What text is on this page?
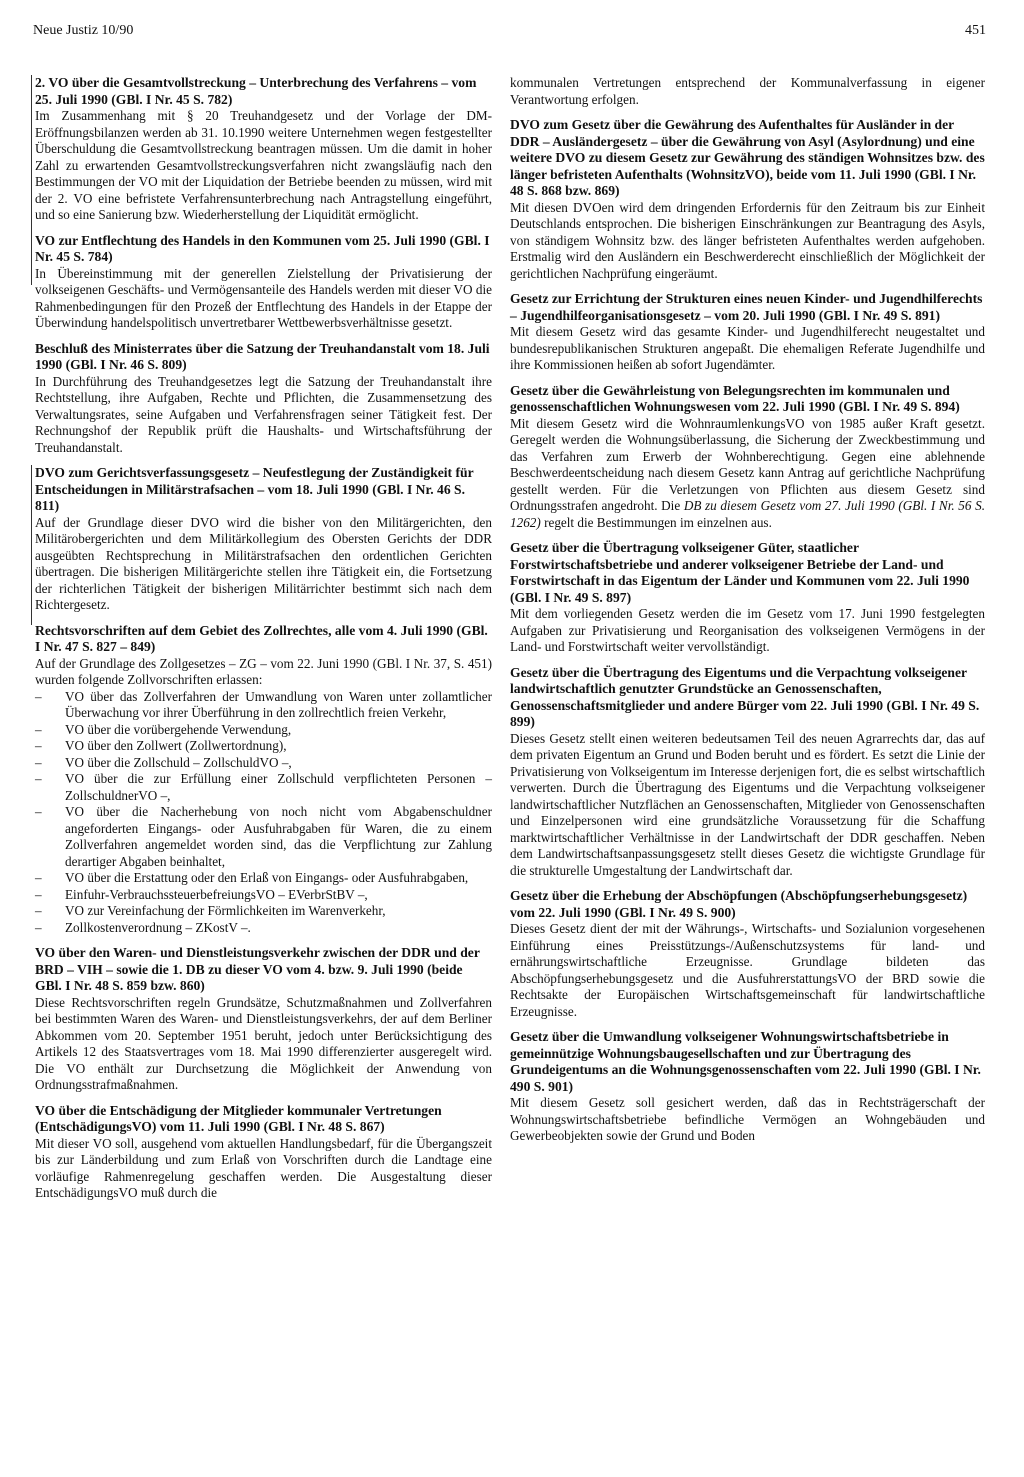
Neue Justiz 10/90	451
2. VO über die Gesamtvollstreckung – Unterbrechung des Verfahrens – vom 25. Juli 1990 (GBl. I Nr. 45 S. 782)

Im Zusammenhang mit § 20 Treuhandgesetz und der Vorlage der DM-Eröffnungsbilanzen werden ab 31. 10.1990 weitere Unternehmen wegen festgestellter Überschuldung die Gesamtvollstreckung beantragen müssen. Um die damit in hoher Zahl zu erwartenden Gesamtvollstreckungsverfahren nicht zwangsläufig nach den Bestimmungen der VO mit der Liquidation der Betriebe beenden zu müssen, wird mit der 2. VO eine befristete Verfahrensunterbrechung nach Antragstellung eingeführt, und so eine Sanierung bzw. Wiederherstellung der Liquidität ermöglicht.

VO zur Entflechtung des Handels in den Kommunen vom 25. Juli 1990 (GBl. I Nr. 45 S. 784)

In Übereinstimmung mit der generellen Zielstellung der Privatisierung der volkseigenen Geschäfts- und Vermögensanteile des Handels werden mit dieser VO die Rahmenbedingungen für den Prozeß der Entflechtung des Handels in der Etappe der Überwindung handelspolitisch unvertretbarer Wettbewerbsverhältnisse gesetzt.

Beschluß des Ministerrates über die Satzung der Treuhandanstalt vom 18. Juli 1990 (GBl. I Nr. 46 S. 809)

In Durchführung des Treuhandgesetzes legt die Satzung der Treuhandanstalt ihre Rechtstellung, ihre Aufgaben, Rechte und Pflichten, die Zusammensetzung des Verwaltungsrates, seine Aufgaben und Verfahrensfragen seiner Tätigkeit fest. Der Rechnungshof der Republik prüft die Haushalts- und Wirtschaftsführung der Treuhandanstalt.

DVO zum Gerichtsverfassungsgesetz – Neufestlegung der Zuständigkeit für Entscheidungen in Militärstrafsachen – vom 18. Juli 1990 (GBl. I Nr. 46 S. 811)

Auf der Grundlage dieser DVO wird die bisher von den Militärgerichten, den Militärobergerichten und dem Militärkollegium des Obersten Gerichts der DDR ausgeübten Rechtsprechung in Militärstrafsachen den ordentlichen Gerichten übertragen. Die bisherigen Militärgerichte stellen ihre Tätigkeit ein, die Fortsetzung der richterlichen Tätigkeit der bisherigen Militärrichter bestimmt sich nach dem Richtergesetz.

Rechtsvorschriften auf dem Gebiet des Zollrechtes, alle vom 4. Juli 1990 (GBl. I Nr. 47 S. 827 – 849)

Auf der Grundlage des Zollgesetzes – ZG – vom 22. Juni 1990 (GBl. I Nr. 37, S. 451) wurden folgende Zollvorschriften erlassen:

– VO über das Zollverfahren der Umwandlung von Waren unter zollamtlicher Überwachung vor ihrer Überführung in den zollrechtlich freien Verkehr,
– VO über die vorübergehende Verwendung,
– VO über den Zollwert (Zollwertordnung),
– VO über die Zollschuld – ZollschuldVO –,
– VO über die zur Erfüllung einer Zollschuld verpflichteten Personen – ZollschuldnerVO –,
– VO über die Nacherhebung von noch nicht vom Abgabenschuldner angeforderten Eingangs- oder Ausfuhrabgaben für Waren, die zu einem Zollverfahren angemeldet worden sind, das die Verpflichtung zur Zahlung derartiger Abgaben beinhaltet,
– VO über die Erstattung oder den Erlaß von Eingangs- oder Ausfuhrabgaben,
– Einfuhr-VerbrauchssteuerbefreiungsVO – EVerbrStBV –,
– VO zur Vereinfachung der Förmlichkeiten im Warenverkehr,
– Zollkostenverordnung – ZKostV –.
VO über den Waren- und Dienstleistungsverkehr zwischen der DDR und der BRD – VIH – sowie die 1. DB zu dieser VO vom 4. bzw. 9. Juli 1990 (beide GBl. I Nr. 48 S. 859 bzw. 860)

Diese Rechtsvorschriften regeln Grundsätze, Schutzmaßnahmen und Zollverfahren bei bestimmten Waren des Waren- und Dienstleistungsverkehrs, der auf dem Berliner Abkommen vom 20. September 1951 beruht, jedoch unter Berücksichtigung des Artikels 12 des Staatsvertrages vom 18. Mai 1990 differenzierter ausgeregelt wird. Die VO enthält zur Durchsetzung die Möglichkeit der Anwendung von Ordnungsstrafmaßnahmen.

VO über die Entschädigung der Mitglieder kommunaler Vertretungen (EntschädigungsVO) vom 11. Juli 1990 (GBl. I Nr. 48 S. 867)

Mit dieser VO soll, ausgehend vom aktuellen Handlungsbedarf, für die Übergangszeit bis zur Länderbildung und zum Erlaß von Vorschriften durch die Landtage eine vorläufige Rahmenregelung geschaffen werden. Die Ausgestaltung dieser EntschädigungsVO muß durch die

kommunalen Vertretungen entsprechend der Kommunalverfassung in eigener Verantwortung erfolgen.

DVO zum Gesetz über die Gewährung des Aufenthaltes für Ausländer in der DDR – Ausländergesetz – über die Gewährung von Asyl (Asylordnung) und eine weitere DVO zu diesem Gesetz zur Gewährung des ständigen Wohnsitzes bzw. des länger befristeten Aufenthalts (WohnsitzVO), beide vom 11. Juli 1990 (GBl. I Nr. 48 S. 868 bzw. 869)

Mit diesen DVOen wird dem dringenden Erfordernis für den Zeitraum bis zur Einheit Deutschlands entsprochen. Die bisherigen Einschränkungen zur Beantragung des Asyls, von ständigem Wohnsitz bzw. des länger befristeten Aufenthaltes werden aufgehoben. Erstmalig wird den Ausländern ein Beschwerderecht einschließlich der Möglichkeit der gerichtlichen Nachprüfung eingeräumt.

Gesetz zur Errichtung der Strukturen eines neuen Kinder- und Jugendhilferechts – Jugendhilfeorganisationsgesetz – vom 20. Juli 1990 (GBl. I Nr. 49 S. 891)

Mit diesem Gesetz wird das gesamte Kinder- und Jugendhilferecht neugestaltet und bundesrepublikanischen Strukturen angepaßt. Die ehemaligen Referate Jugendhilfe und ihre Kommissionen heißen ab sofort Jugendämter.

Gesetz über die Gewährleistung von Belegungsrechten im kommunalen und genossenschaftlichen Wohnungswesen vom 22. Juli 1990 (GBl. I Nr. 49 S. 894)

Mit diesem Gesetz wird die WohnraumlenkungsVO von 1985 außer Kraft gesetzt. Geregelt werden die Wohnungsüberlassung, die Sicherung der Zweckbestimmung und das Verfahren zum Erwerb der Wohnberechtigung. Gegen eine ablehnende Beschwerdeentscheidung nach diesem Gesetz kann Antrag auf gerichtliche Nachprüfung gestellt werden. Für die Verletzungen von Pflichten aus diesem Gesetz sind Ordnungsstrafen angedroht. Die DB zu diesem Gesetz vom 27. Juli 1990 (GBl. I Nr. 56 S. 1262) regelt die Bestimmungen im einzelnen aus.

Gesetz über die Übertragung volkseigener Güter, staatlicher Forstwirtschaftsbetriebe und anderer volkseigener Betriebe der Land- und Forstwirtschaft in das Eigentum der Länder und Kommunen vom 22. Juli 1990 (GBl. I Nr. 49 S. 897)

Mit dem vorliegenden Gesetz werden die im Gesetz vom 17. Juni 1990 festgelegten Aufgaben zur Privatisierung und Reorganisation des volkseigenen Vermögens in der Land- und Forstwirtschaft weiter vervollständigt.

Gesetz über die Übertragung des Eigentums und die Verpachtung volkseigener landwirtschaftlich genutzter Grundstücke an Genossenschaften, Genossenschaftsmitglieder und andere Bürger vom 22. Juli 1990 (GBl. I Nr. 49 S. 899)

Dieses Gesetz stellt einen weiteren bedeutsamen Teil des neuen Agrarrechts dar, das auf dem privaten Eigentum an Grund und Boden beruht und es fördert. Es setzt die Linie der Privatisierung von Volkseigentum im Interesse derjenigen fort, die es selbst wirtschaftlich verwerten. Durch die Übertragung des Eigentums und die Verpachtung volkseigener landwirtschaftlicher Nutzflächen an Genossenschaften, Mitglieder von Genossenschaften und Einzelpersonen wird eine grundsätzliche Voraussetzung für die Schaffung marktwirtschaftlicher Verhältnisse in der Landwirtschaft der DDR geschaffen. Neben dem Landwirtschaftsanpassungsgesetz stellt dieses Gesetz die wichtigste Grundlage für die strukturelle Umgestaltung der Landwirtschaft dar.

Gesetz über die Erhebung der Abschöpfungen (Abschöpfungserhebungsgesetz) vom 22. Juli 1990 (GBl. I Nr. 49 S. 900)

Dieses Gesetz dient der mit der Währungs-, Wirtschafts- und Sozialunion vorgesehenen Einführung eines Preisstützungs-/Außenschutzsystems für land- und ernährungswirtschaftliche Erzeugnisse. Grundlage bildeten das Abschöpfungserhebungsgesetz und die AusfuhrerstattungsVO der BRD sowie die Rechtsakte der Europäischen Wirtschaftsgemeinschaft für landwirtschaftliche Erzeugnisse.

Gesetz über die Umwandlung volkseigener Wohnungswirtschaftsbetriebe in gemeinnützige Wohnungsbaugesellschaften und zur Übertragung des Grundeigentums an die Wohnungsgenossenschaften vom 22. Juli 1990 (GBl. I Nr. 490 S. 901)

Mit diesem Gesetz soll gesichert werden, daß das in Rechtsträgerschaft der Wohnungswirtschaftsbetriebe befindliche Vermögen an Wohngebäuden und Gewerbeobjekten sowie der Grund und Boden
